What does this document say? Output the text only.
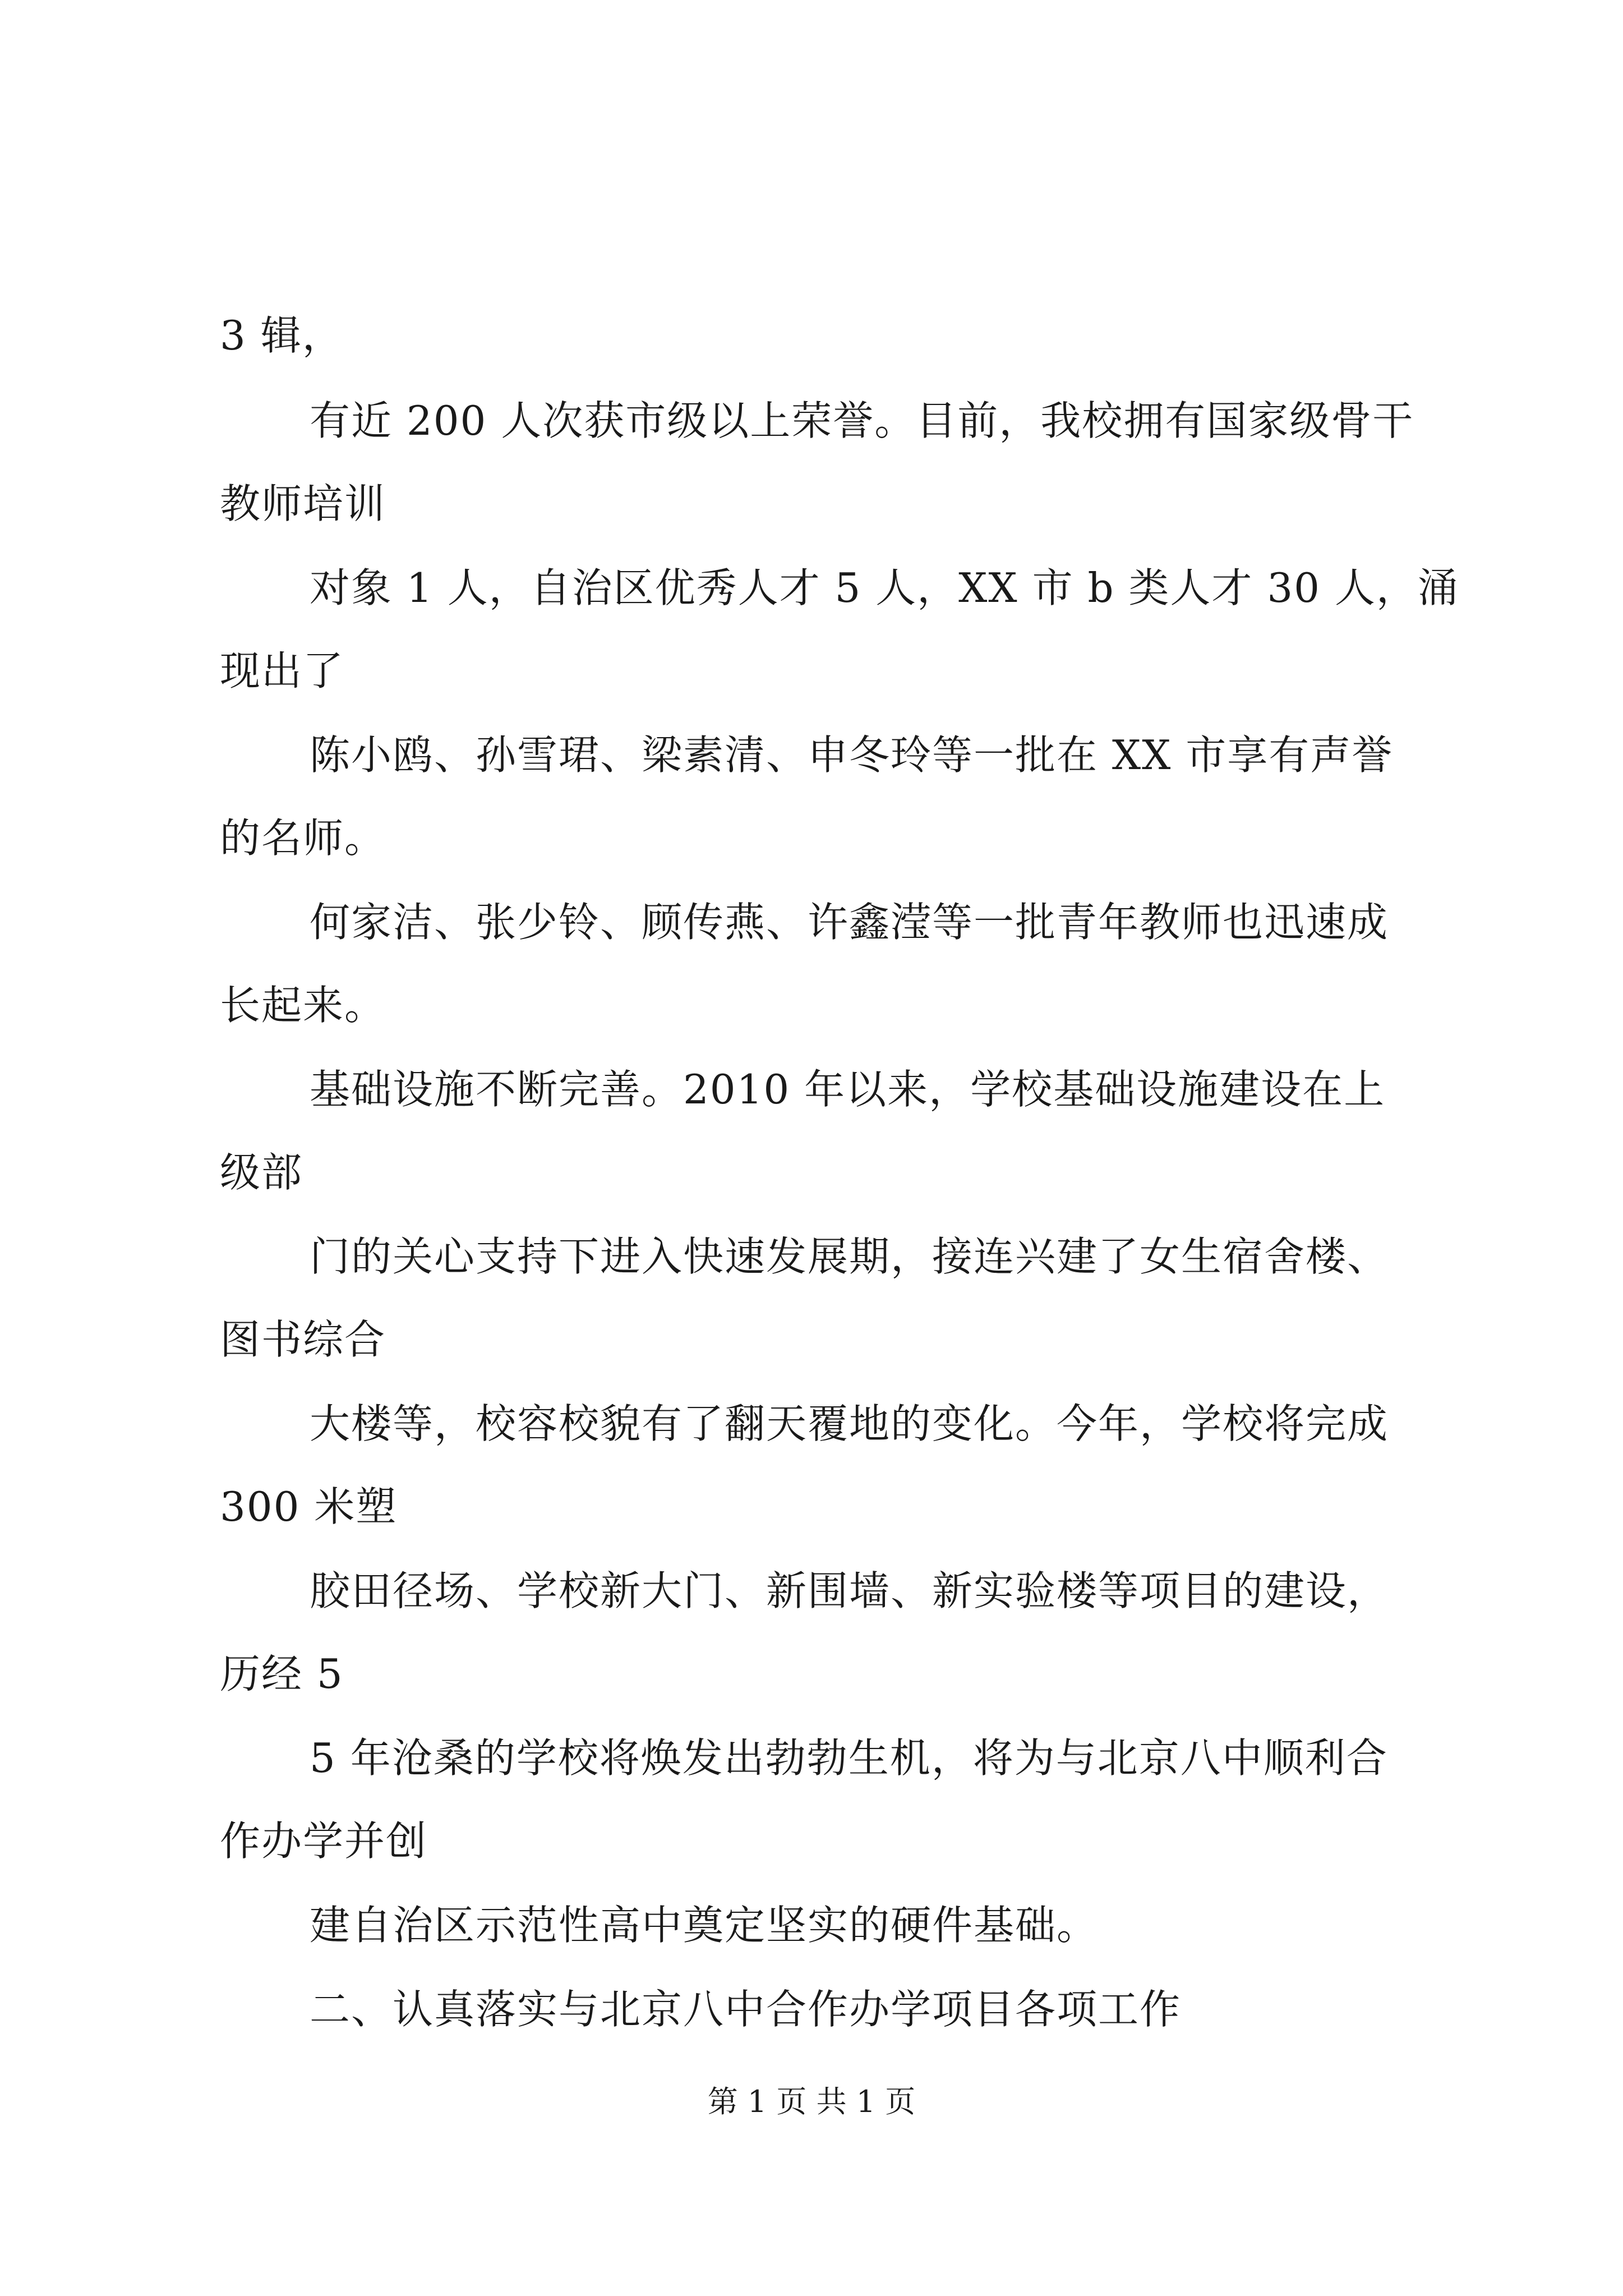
3 辑，
有近 200 人次获市级以上荣誉。目前，我校拥有国家级骨干
教师培训
对象 1 人，自治区优秀人才 5 人，XX 市 b 类人才 30 人，涌
现出了
陈小鸥、孙雪珺、梁素清、申冬玲等一批在 XX 市享有声誉
的名师。
何家洁、张少铃、顾传燕、许鑫滢等一批青年教师也迅速成
长起来。
基础设施不断完善。2010 年以来，学校基础设施建设在上
级部
门的关心支持下进入快速发展期，接连兴建了女生宿舍楼、
图书综合
大楼等，校容校貌有了翻天覆地的变化。今年，学校将完成
300 米塑
胶田径场、学校新大门、新围墙、新实验楼等项目的建设，
历经 5
5 年沧桑的学校将焕发出勃勃生机，将为与北京八中顺利合
作办学并创
建自治区示范性高中奠定坚实的硬件基础。
二、认真落实与北京八中合作办学项目各项工作
第 1 页 共 1 页
